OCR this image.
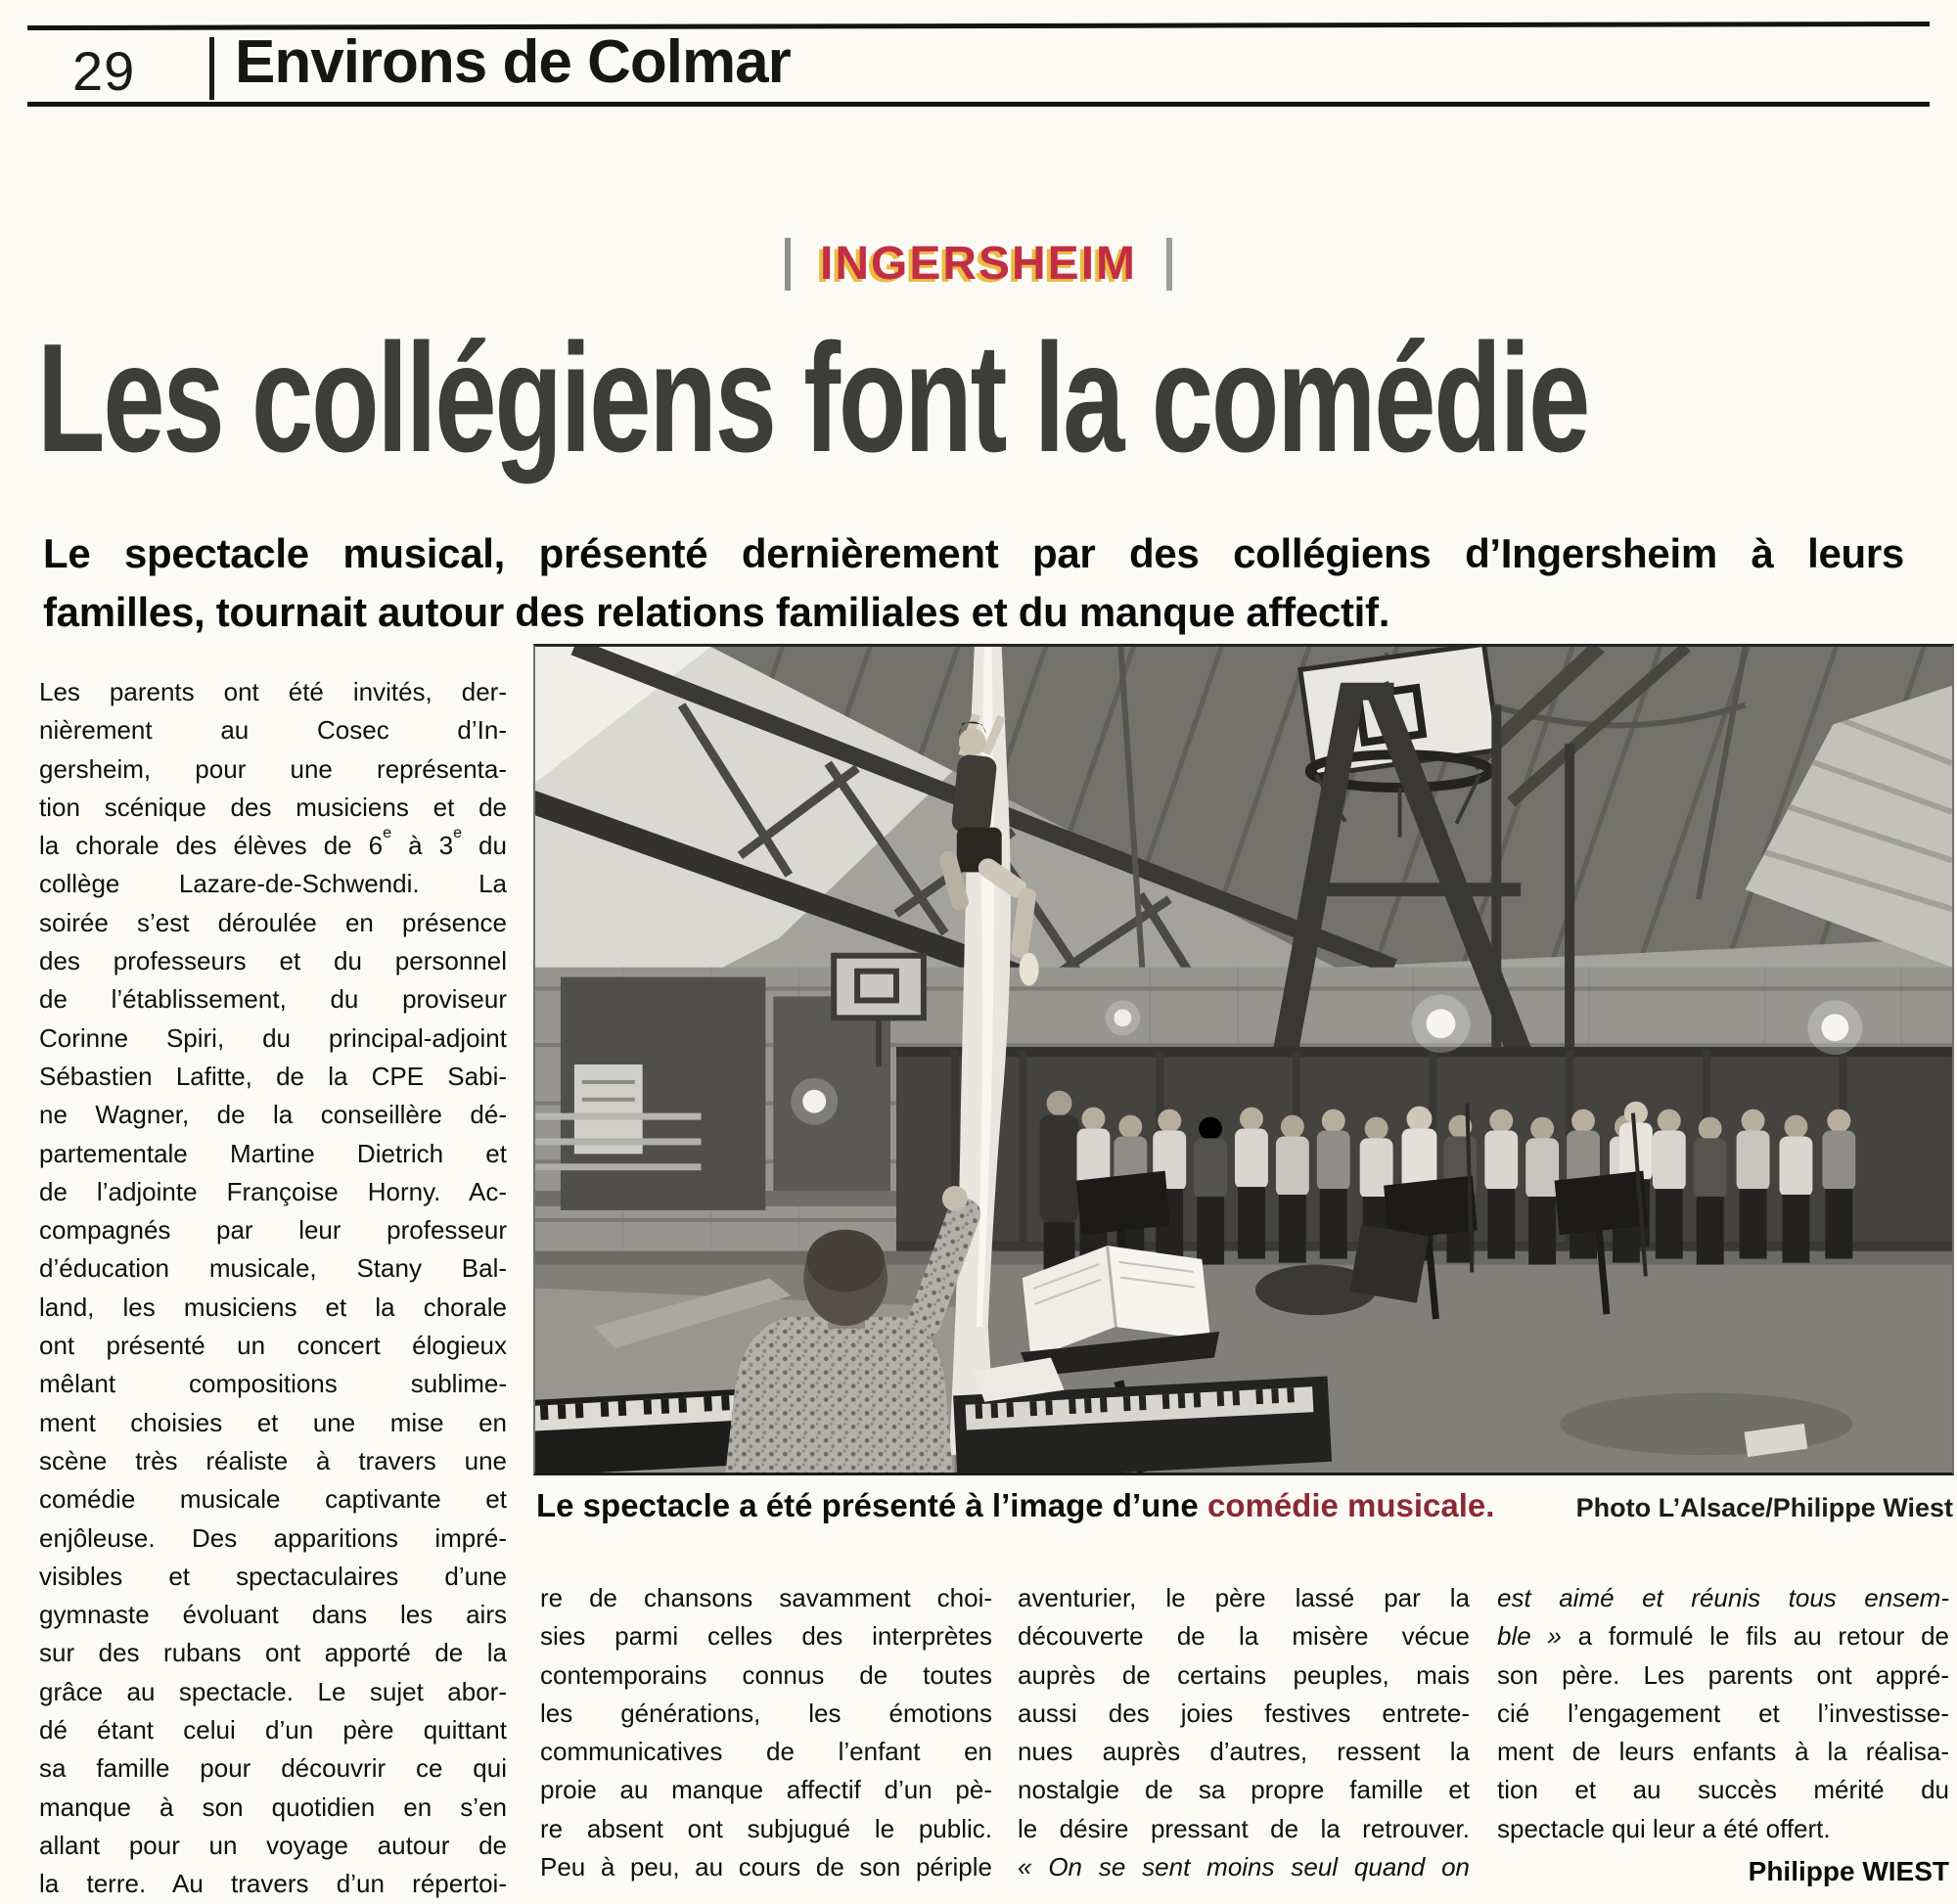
29 Environs de Colmar
INGERSHEIM
Les collégiens font la comédie
Le spectacle musical, présenté dernièrement par des collégiens d’Ingersheim à leurs
familles, tournait autour des relations familiales et du manque affectif.
Les parents ont été invités, der-
nièrement au Cosec d’In-
gersheim, pour une représenta-
tion scénique des musiciens et de
la chorale des élèves de 6e à 3e du
collège Lazare-de-Schwendi. La
soirée s’est déroulée en présence
des professeurs et du personnel
de l’établissement, du proviseur
Corinne Spiri, du principal-adjoint
Sébastien Lafitte, de la CPE Sabi-
ne Wagner, de la conseillère dé-
partementale Martine Dietrich et
de l’adjointe Françoise Horny. Ac-
compagnés par leur professeur
d’éducation musicale, Stany Bal-
land, les musiciens et la chorale
ont présenté un concert élogieux
mêlant compositions sublime-
ment choisies et une mise en
scène très réaliste à travers une
comédie musicale captivante et
enjôleuse. Des apparitions impré-
visibles et spectaculaires d’une
gymnaste évoluant dans les airs
sur des rubans ont apporté de la
grâce au spectacle. Le sujet abor-
dé étant celui d’un père quittant
sa famille pour découvrir ce qui
manque à son quotidien en s’en
allant pour un voyage autour de
la terre. Au travers d’un répertoi-
Le spectacle a été présenté à l’image d’une comédie musicale.	Photo L’Alsace/Philippe Wiest
re de chansons savamment choi-
sies parmi celles des interprètes
contemporains connus de toutes
les générations, les émotions
communicatives de l’enfant en
proie au manque affectif d’un pè-
re absent ont subjugué le public.
Peu à peu, au cours de son périple
aventurier, le père lassé par la
découverte de la misère vécue
auprès de certains peuples, mais
aussi des joies festives entrete-
nues auprès d’autres, ressent la
nostalgie de sa propre famille et
le désire pressant de la retrouver.
« On se sent moins seul quand on
est aimé et réunis tous ensem-
ble » a formulé le fils au retour de
son père. Les parents ont appré-
cié l’engagement et l’investisse-
ment de leurs enfants à la réalisa-
tion et au succès mérité du
spectacle qui leur a été offert.
Philippe WIEST
